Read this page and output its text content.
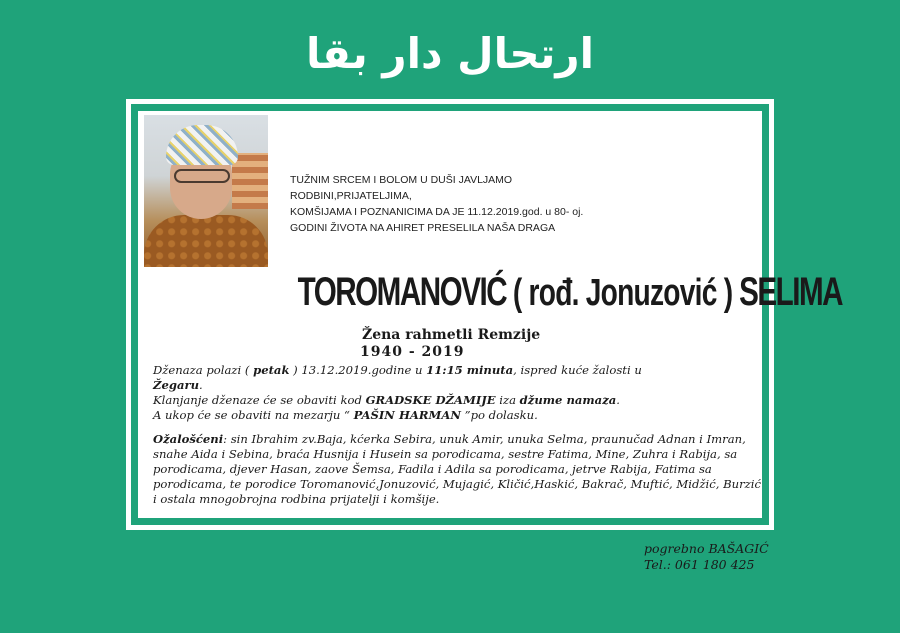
ارتحال دار بقا
TUŽNIM SRCEM I BOLOM U DUŠI JAVLJAMO RODBINI,PRIJATELJIMA,
KOMŠIJAMA I POZNANICIMA DA JE 11.12.2019.god. u 80- oj.
GODINI ŽIVOTA NA AHIRET PRESELILA NAŠA DRAGA
TOROMANOVIĆ ( rođ. Jonuzović ) SELIMA
Žena rahmetli Remzije
1940 - 2019

Dženaza polazi ( petak ) 13.12.2019.godine u 11:15 minuta, ispred kuće žalosti u
Žegaru.

Klanjanje dženaze će se obaviti kod GRADSKE DŽAMIJE iza džume namaza.

A ukop će se obaviti na mezarju “ PAŠIN HARMAN ”po dolasku.

Ožalošćeni: sin Ibrahim zv.Baja, kćerka Sebira, unuk Amir, unuka Selma, praunučad Adnan i Imran, snahe Aida i Sebina, braća Husnija i Husein sa porodicama, sestre Fatima, Mine, Zuhra i Rabija, sa porodicama, djever Hasan, zaove Šemsa, Fadila i Adila sa porodicama, jetrve Rabija, Fatima sa porodicama, te porodice Toromanović,Jonuzović, Mujagić, Kličić,Haskić, Bakrač, Muftić, Midžić, Burzić i ostala mnogobrojna rodbina prijatelji i komšije.

pogrebno BAŠAGIĆ
Tel.: 061 180 425
